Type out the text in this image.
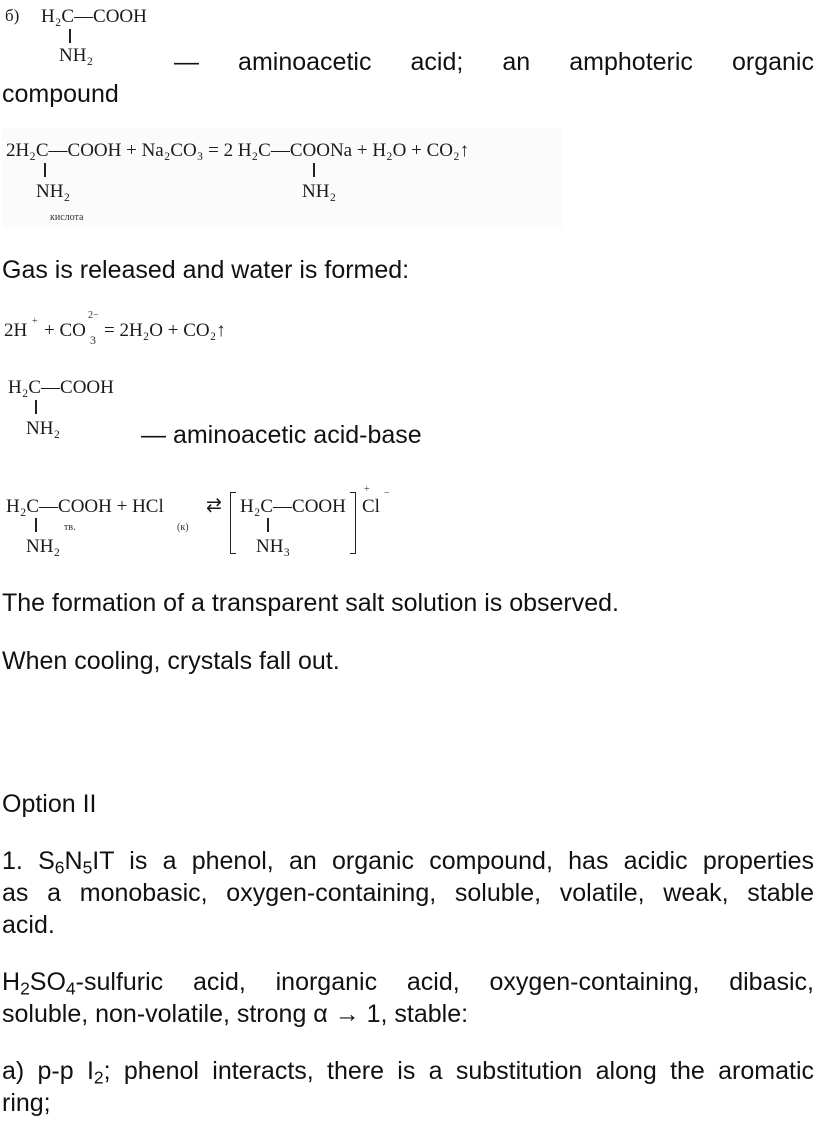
б) H₂C—COOH
NH₂	— aminoacetic acid; an amphoteric organic
compound
2H₂C—COOH + Na₂CO₃ = 2 H₂C—COONa + H₂O + CO₂↑
NH₂	NH₂
кислота
Gas is released and water is formed:
2H + + CO
2−
3 = 2H₂O + CO₂↑
H₂C—COOH
NH₂	— aminoacetic acid-base
H₂C—COOH + HCl ⇄ H₂C—COOH
+
Cl
−
тв.	(к)
NH₂	NH₃
The formation of a transparent salt solution is observed.
When cooling, crystals fall out.
Option II
1. $S_6N_5IT$ is a phenol, an organic compound, has acidic properties
as a monobasic, oxygen-containing, soluble, volatile, weak, stable
acid.
$H_2SO_4$-sulfuric acid, inorganic acid, oxygen-containing, dibasic,
soluble, non-volatile, strong α → 1, stable:
a) p-p $I_2$; phenol interacts, there is a substitution along the aromatic
ring;
